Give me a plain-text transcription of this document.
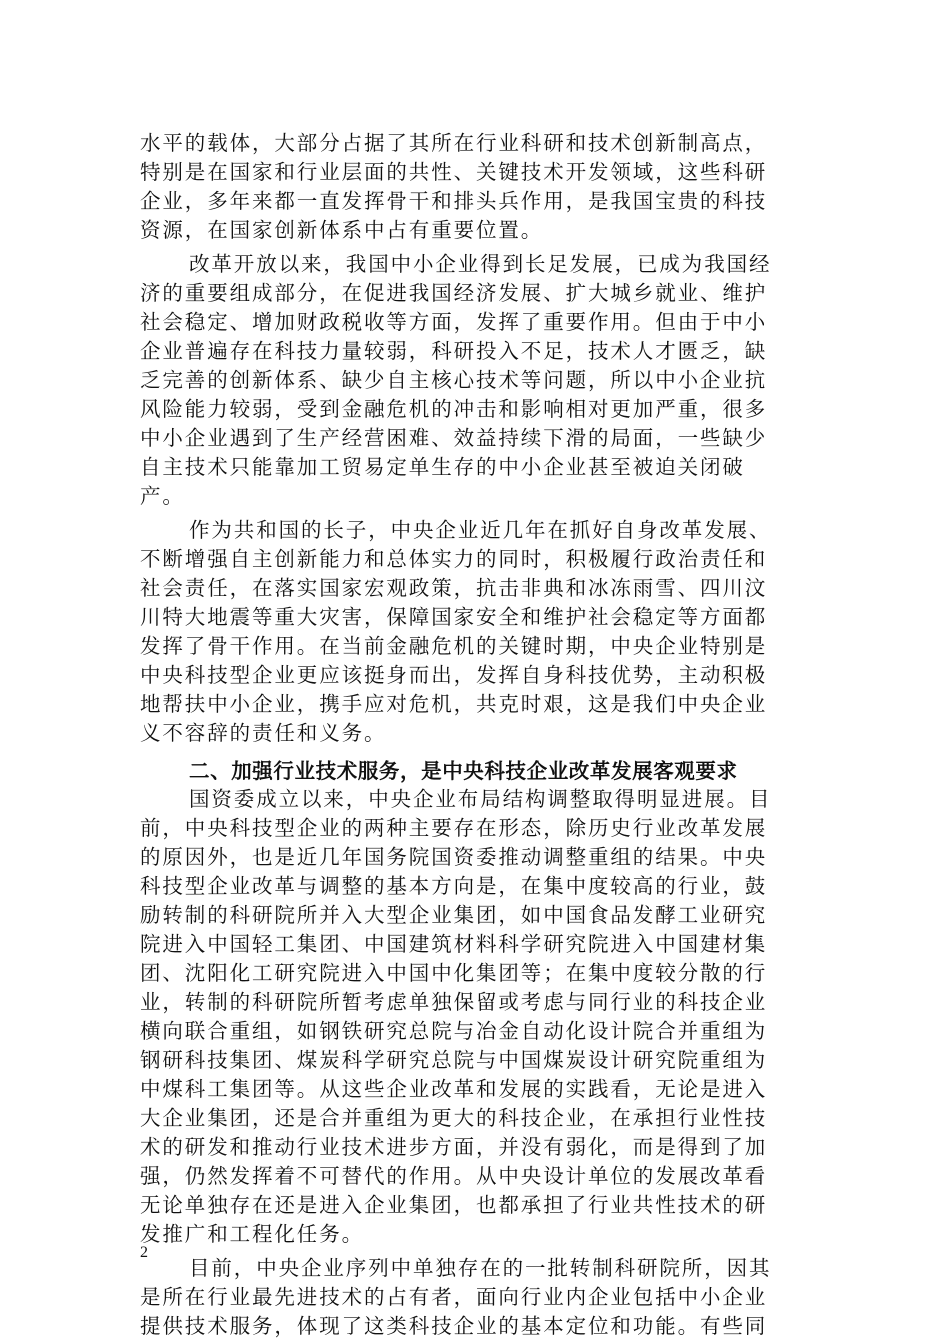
水平的载体，大部分占据了其所在行业科研和技术创新制高点，
特别是在国家和行业层面的共性、关键技术开发领域，这些科研
企业，多年来都一直发挥骨干和排头兵作用，是我国宝贵的科技
资源，在国家创新体系中占有重要位置。
改革开放以来，我国中小企业得到长足发展，已成为我国经
济的重要组成部分，在促进我国经济发展、扩大城乡就业、维护
社会稳定、增加财政税收等方面，发挥了重要作用。但由于中小
企业普遍存在科技力量较弱，科研投入不足，技术人才匮乏，缺
乏完善的创新体系、缺少自主核心技术等问题，所以中小企业抗
风险能力较弱，受到金融危机的冲击和影响相对更加严重，很多
中小企业遇到了生产经营困难、效益持续下滑的局面，一些缺少
自主技术只能靠加工贸易定单生存的中小企业甚至被迫关闭破
产。
作为共和国的长子，中央企业近几年在抓好自身改革发展、
不断增强自主创新能力和总体实力的同时，积极履行政治责任和
社会责任，在落实国家宏观政策，抗击非典和冰冻雨雪、四川汶
川特大地震等重大灾害，保障国家安全和维护社会稳定等方面都
发挥了骨干作用。在当前金融危机的关键时期，中央企业特别是
中央科技型企业更应该挺身而出，发挥自身科技优势，主动积极
地帮扶中小企业，携手应对危机，共克时艰，这是我们中央企业
义不容辞的责任和义务。
二、加强行业技术服务，是中央科技企业改革发展客观要求
国资委成立以来，中央企业布局结构调整取得明显进展。目
前，中央科技型企业的两种主要存在形态，除历史行业改革发展
的原因外，也是近几年国务院国资委推动调整重组的结果。中央
科技型企业改革与调整的基本方向是，在集中度较高的行业，鼓
励转制的科研院所并入大型企业集团，如中国食品发酵工业研究
院进入中国轻工集团、中国建筑材料科学研究院进入中国建材集
团、沈阳化工研究院进入中国中化集团等；在集中度较分散的行
业，转制的科研院所暂考虑单独保留或考虑与同行业的科技企业
横向联合重组，如钢铁研究总院与冶金自动化设计院合并重组为
钢研科技集团、煤炭科学研究总院与中国煤炭设计研究院重组为
中煤科工集团等。从这些企业改革和发展的实践看，无论是进入
大企业集团，还是合并重组为更大的科技企业，在承担行业性技
术的研发和推动行业技术进步方面，并没有弱化，而是得到了加
强，仍然发挥着不可替代的作用。从中央设计单位的发展改革看
无论单独存在还是进入企业集团，也都承担了行业共性技术的研
发推广和工程化任务。
目前，中央企业序列中单独存在的一批转制科研院所，因其
是所在行业最先进技术的占有者，面向行业内企业包括中小企业
提供技术服务，体现了这类科技企业的基本定位和功能。有些同
2
